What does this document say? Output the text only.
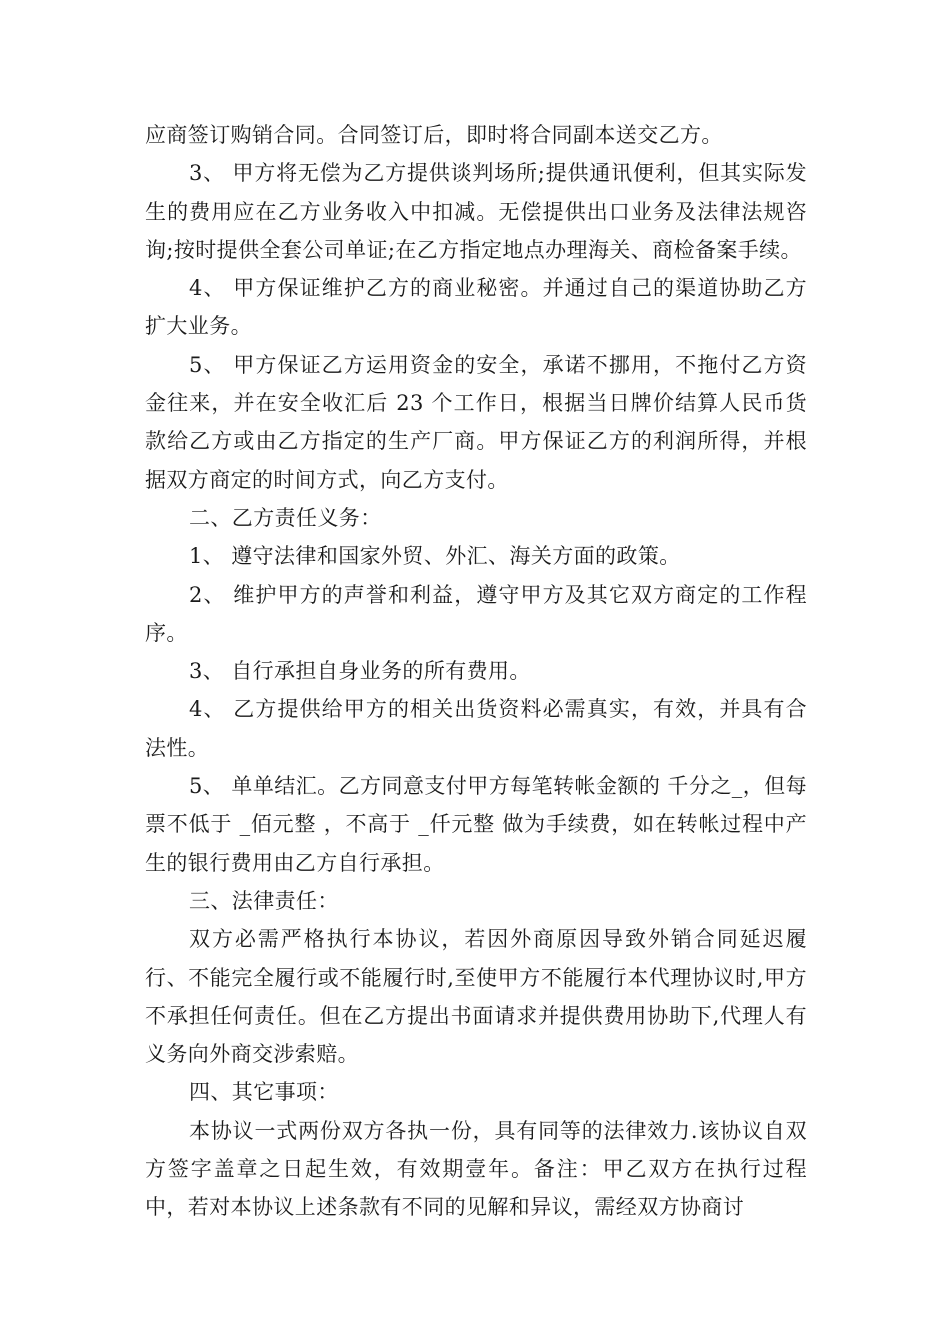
应商签订购销合同。合同签订后，即时将合同副本送交乙方。

3、 甲方将无偿为乙方提供谈判场所;提供通讯便利，但其实际发生的费用应在乙方业务收入中扣减。无偿提供出口业务及法律法规咨询;按时提供全套公司单证;在乙方指定地点办理海关、商检备案手续。

4、 甲方保证维护乙方的商业秘密。并通过自己的渠道协助乙方扩大业务。

5、 甲方保证乙方运用资金的安全，承诺不挪用，不拖付乙方资金往来，并在安全收汇后 23 个工作日，根据当日牌价结算人民币货款给乙方或由乙方指定的生产厂商。甲方保证乙方的利润所得，并根据双方商定的时间方式，向乙方支付。

二、乙方责任义务：

1、 遵守法律和国家外贸、外汇、海关方面的政策。

2、 维护甲方的声誉和利益，遵守甲方及其它双方商定的工作程序。

3、 自行承担自身业务的所有费用。

4、 乙方提供给甲方的相关出货资料必需真实，有效，并具有合法性。

5、 单单结汇。乙方同意支付甲方每笔转帐金额的 千分之_，但每票不低于 _佰元整 ，不高于 _仟元整 做为手续费，如在转帐过程中产生的银行费用由乙方自行承担。

三、法律责任：

双方必需严格执行本协议，若因外商原因导致外销合同延迟履行、不能完全履行或不能履行时,至使甲方不能履行本代理协议时,甲方不承担任何责任。但在乙方提出书面请求并提供费用协助下,代理人有义务向外商交涉索赔。

四、其它事项：

本协议一式两份双方各执一份，具有同等的法律效力.该协议自双方签字盖章之日起生效，有效期壹年。备注：甲乙双方在执行过程中，若对本协议上述条款有不同的见解和异议，需经双方协商讨
